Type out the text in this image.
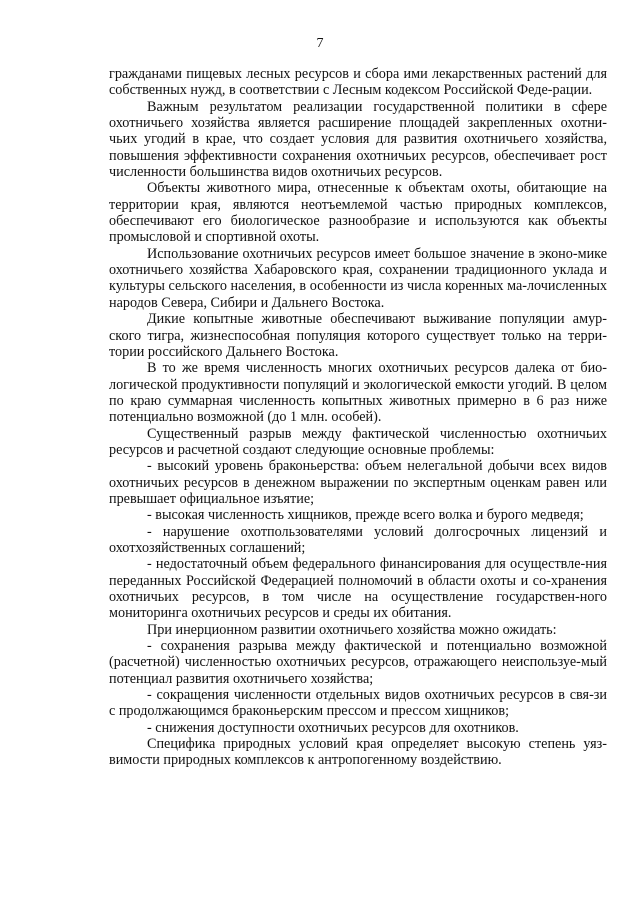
7

гражданами пищевых лесных ресурсов и сбора ими лекарственных растений для собственных нужд, в соответствии с Лесным кодексом Российской Феде-рации.

Важным результатом реализации государственной политики в сфере охотничьего хозяйства является расширение площадей закрепленных охотни-чьих угодий в крае, что создает условия для развития охотничьего хозяйства, повышения эффективности сохранения охотничьих ресурсов, обеспечивает рост численности большинства видов охотничьих ресурсов.

Объекты животного мира, отнесенные к объектам охоты, обитающие на территории края, являются неотъемлемой частью природных комплексов, обеспечивают его биологическое разнообразие и используются как объекты промысловой и спортивной охоты.

Использование охотничьих ресурсов имеет большое значение в эконо-мике охотничьего хозяйства Хабаровского края, сохранении традиционного уклада и культуры сельского населения, в особенности из числа коренных ма-лочисленных народов Севера, Сибири и Дальнего Востока.

Дикие копытные животные обеспечивают выживание популяции амур-ского тигра, жизнеспособная популяция которого существует только на терри-тории российского Дальнего Востока.

В то же время численность многих охотничьих ресурсов далека от био-логической продуктивности популяций и экологической емкости угодий. В целом по краю суммарная численность копытных животных примерно в 6 раз ниже потенциально возможной (до 1 млн. особей).

Существенный разрыв между фактической численностью охотничьих ресурсов и расчетной создают следующие основные проблемы:

- высокий уровень браконьерства: объем нелегальной добычи всех видов охотничьих ресурсов в денежном выражении по экспертным оценкам равен или превышает официальное изъятие;

- высокая численность хищников, прежде всего волка и бурого медведя;

- нарушение охотпользователями условий долгосрочных лицензий и охотхозяйственных соглашений;

- недостаточный объем федерального финансирования для осуществле-ния переданных Российской Федерацией полномочий в области охоты и со-хранения охотничьих ресурсов, в том числе на осуществление государствен-ного мониторинга охотничьих ресурсов и среды их обитания.

При инерционном развитии охотничьего хозяйства можно ожидать:

- сохранения разрыва между фактической и потенциально возможной (расчетной) численностью охотничьих ресурсов, отражающего неиспользуе-мый потенциал развития охотничьего хозяйства;

- сокращения численности отдельных видов охотничьих ресурсов в свя-зи с продолжающимся браконьерским прессом и прессом хищников;

- снижения доступности охотничьих ресурсов для охотников.

Специфика природных условий края определяет высокую степень уяз-вимости природных комплексов к антропогенному воздействию.
